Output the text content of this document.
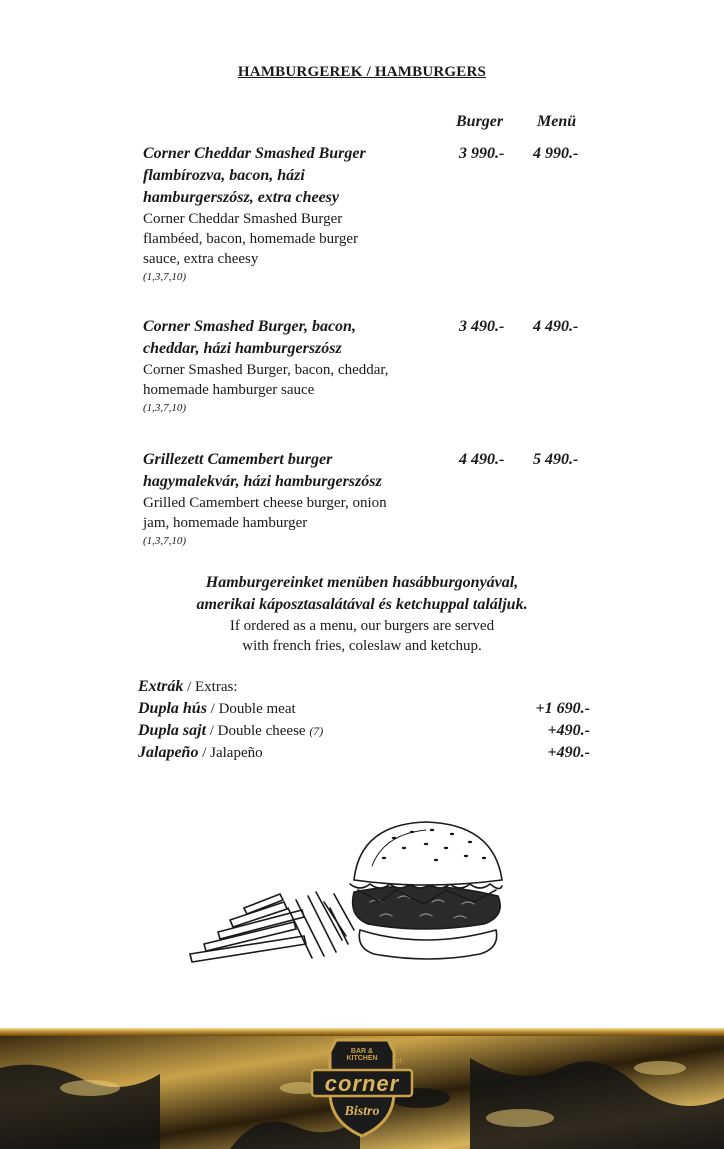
HAMBURGEREK / HAMBURGERS
Burger Menü
Corner Cheddar Smashed Burger
flambírozva, bacon, házi
hamburgerszósz, extra cheesy
Corner Cheddar Smashed Burger
flambéed, bacon, homemade burger
sauce, extra cheesy
(1,3,7,10)
3 990.- 4 990.-
Corner Smashed Burger, bacon,
cheddar, házi hamburgerszósz
Corner Smashed Burger, bacon, cheddar,
homemade hamburger sauce
(1,3,7,10)
3 490.- 4 490.-
Grillezett Camembert burger
hagymalekvár, házi hamburgerszósz
Grilled Camembert cheese burger, onion
jam, homemade hamburger
(1,3,7,10)
4 490.- 5 490.-
Hamburgereinket menüben hasábburgonyával,
amerikai káposztasalátával és ketchuppal találjuk.
If ordered as a menu, our burgers are served
with french fries, coleslaw and ketchup.
Extrák / Extras:
Dupla hús / Double meat	+1 690.-
Dupla sajt / Double cheese (7)	+490.-
Jalapeño / Jalapeño	+490.-
BAR & KITCHEN
corner
1st
Bistro
